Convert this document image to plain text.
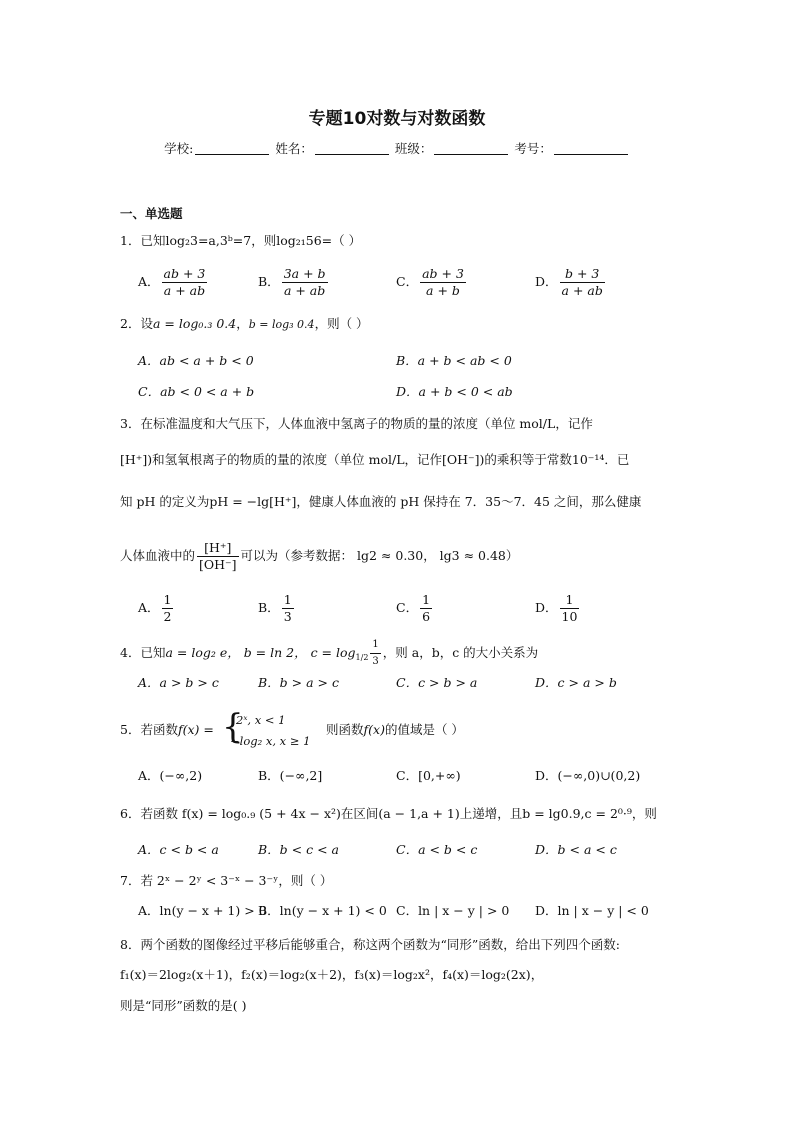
专题10对数与对数函数
学校:	姓名：	班级：	考号：
一、单选题
1．已知log₂3=a,3ᵇ=7，则log₂₁56=（ ）
A． $\frac{ab + 3}{a + ab}$	B． $\frac{3a + b}{a + ab}$	C． $\frac{ab + 3}{a + b}$	D． $\frac{b + 3}{a + ab}$
2．设a = log₀.₃ 0.4，b = log₃ 0.4，则（ ）
A．ab < a + b < 0	B．a + b < ab < 0
C．ab < 0 < a + b	D．a + b < 0 < ab
3．在标准温度和大气压下，人体血液中氢离子的物质的量的浓度（单位 mol/L，记作
[H⁺])和氢氧根离子的物质的量的浓度（单位 mol/L，记作[OH⁻])的乘积等于常数10⁻¹⁴．已
知 pH 的定义为pH = −lg[H⁺]，健康人体血液的 pH 保持在 7．35～7．45 之间，那么健康
人体血液中的 $\frac{[H^+]}{[OH^-]}$ 可以为（参考数据： lg2 ≈ 0.30， lg3 ≈ 0.48）
A． $\frac{1}{2}$	B． $\frac{1}{3}$	C． $\frac{1}{6}$	D． $\frac{1}{10}$
4．已知a = log₂ e， b = ln 2， $c = \log_{1/2} \frac{1}{3}$ ，则 a，b，c 的大小关系为
A．a > b > c	B．b > a > c	C．c > b > a	D．c > a > b
5．若函数f(x) = {
2ˣ, x < 1
−log₂ x, x ≥ 1
则函数f(x)的值域是（ ）
A．(−∞,2)	B．(−∞,2]	C．[0,+∞)	D．(−∞,0)∪(0,2)
6．若函数 f(x) = log₀.₉ (5 + 4x − x²)在区间(a − 1,a + 1)上递增，且b = lg0.9,c = 2⁰·⁹，则
A．c < b < a	B．b < c < a	C．a < b < c	D．b < a < c
7．若 2ˣ − 2ʸ < 3⁻ˣ − 3⁻ʸ，则（ ）
A．ln(y − x + 1) > 0
B．ln(y − x + 1) < 0 C．ln | x − y | > 0 D．ln | x − y | < 0
8．两个函数的图像经过平移后能够重合，称这两个函数为“同形”函数，给出下列四个函数:
f₁(x)＝2log₂(x＋1)，f₂(x)＝log₂(x＋2)，f₃(x)＝log₂x²，f₄(x)＝log₂(2x)，
则是“同形”函数的是( )
